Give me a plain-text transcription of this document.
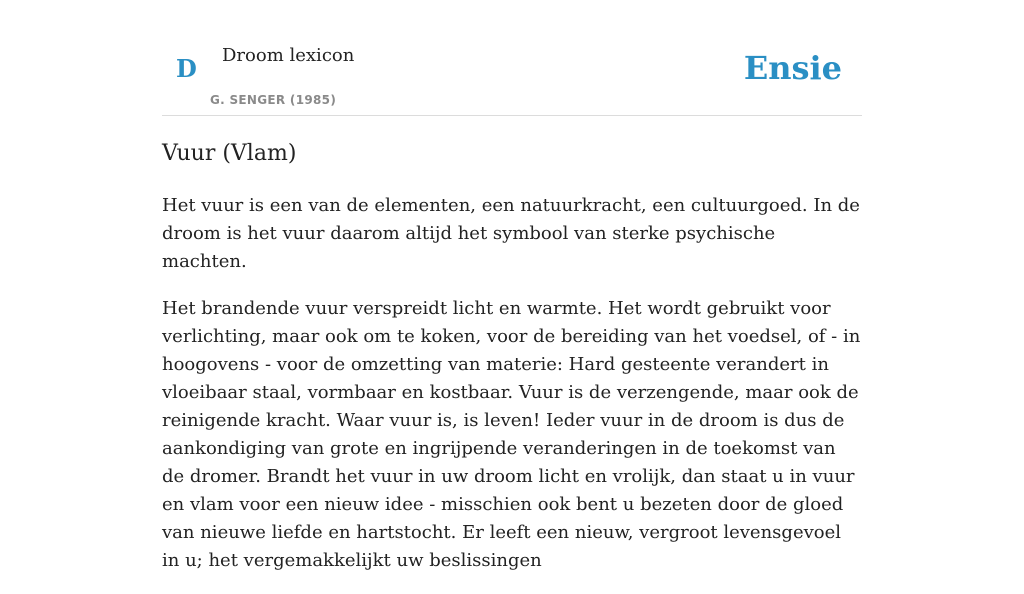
D Droom lexicon
G. SENGER (1985)
Ensie
Vuur (Vlam)

Het vuur is een van de elementen, een natuurkracht, een cultuurgoed. In de droom is het vuur daarom altijd het symbool van sterke psychische machten.

Het brandende vuur verspreidt licht en warmte. Het wordt gebruikt voor verlichting, maar ook om te koken, voor de bereiding van het voedsel, of - in hoogovens - voor de omzetting van materie: Hard gesteente verandert in vloeibaar staal, vormbaar en kostbaar. Vuur is de verzengende, maar ook de reinigende kracht. Waar vuur is, is leven! Ieder vuur in de droom is dus de aankondiging van grote en ingrijpende veranderingen in de toekomst van de dromer. Brandt het vuur in uw droom licht en vrolijk, dan staat u in vuur en vlam voor een nieuw idee - misschien ook bent u bezeten door de gloed van nieuwe liefde en hartstocht. Er leeft een nieuw, vergroot levensgevoel in u; het vergemakkelijkt uw beslissingen
